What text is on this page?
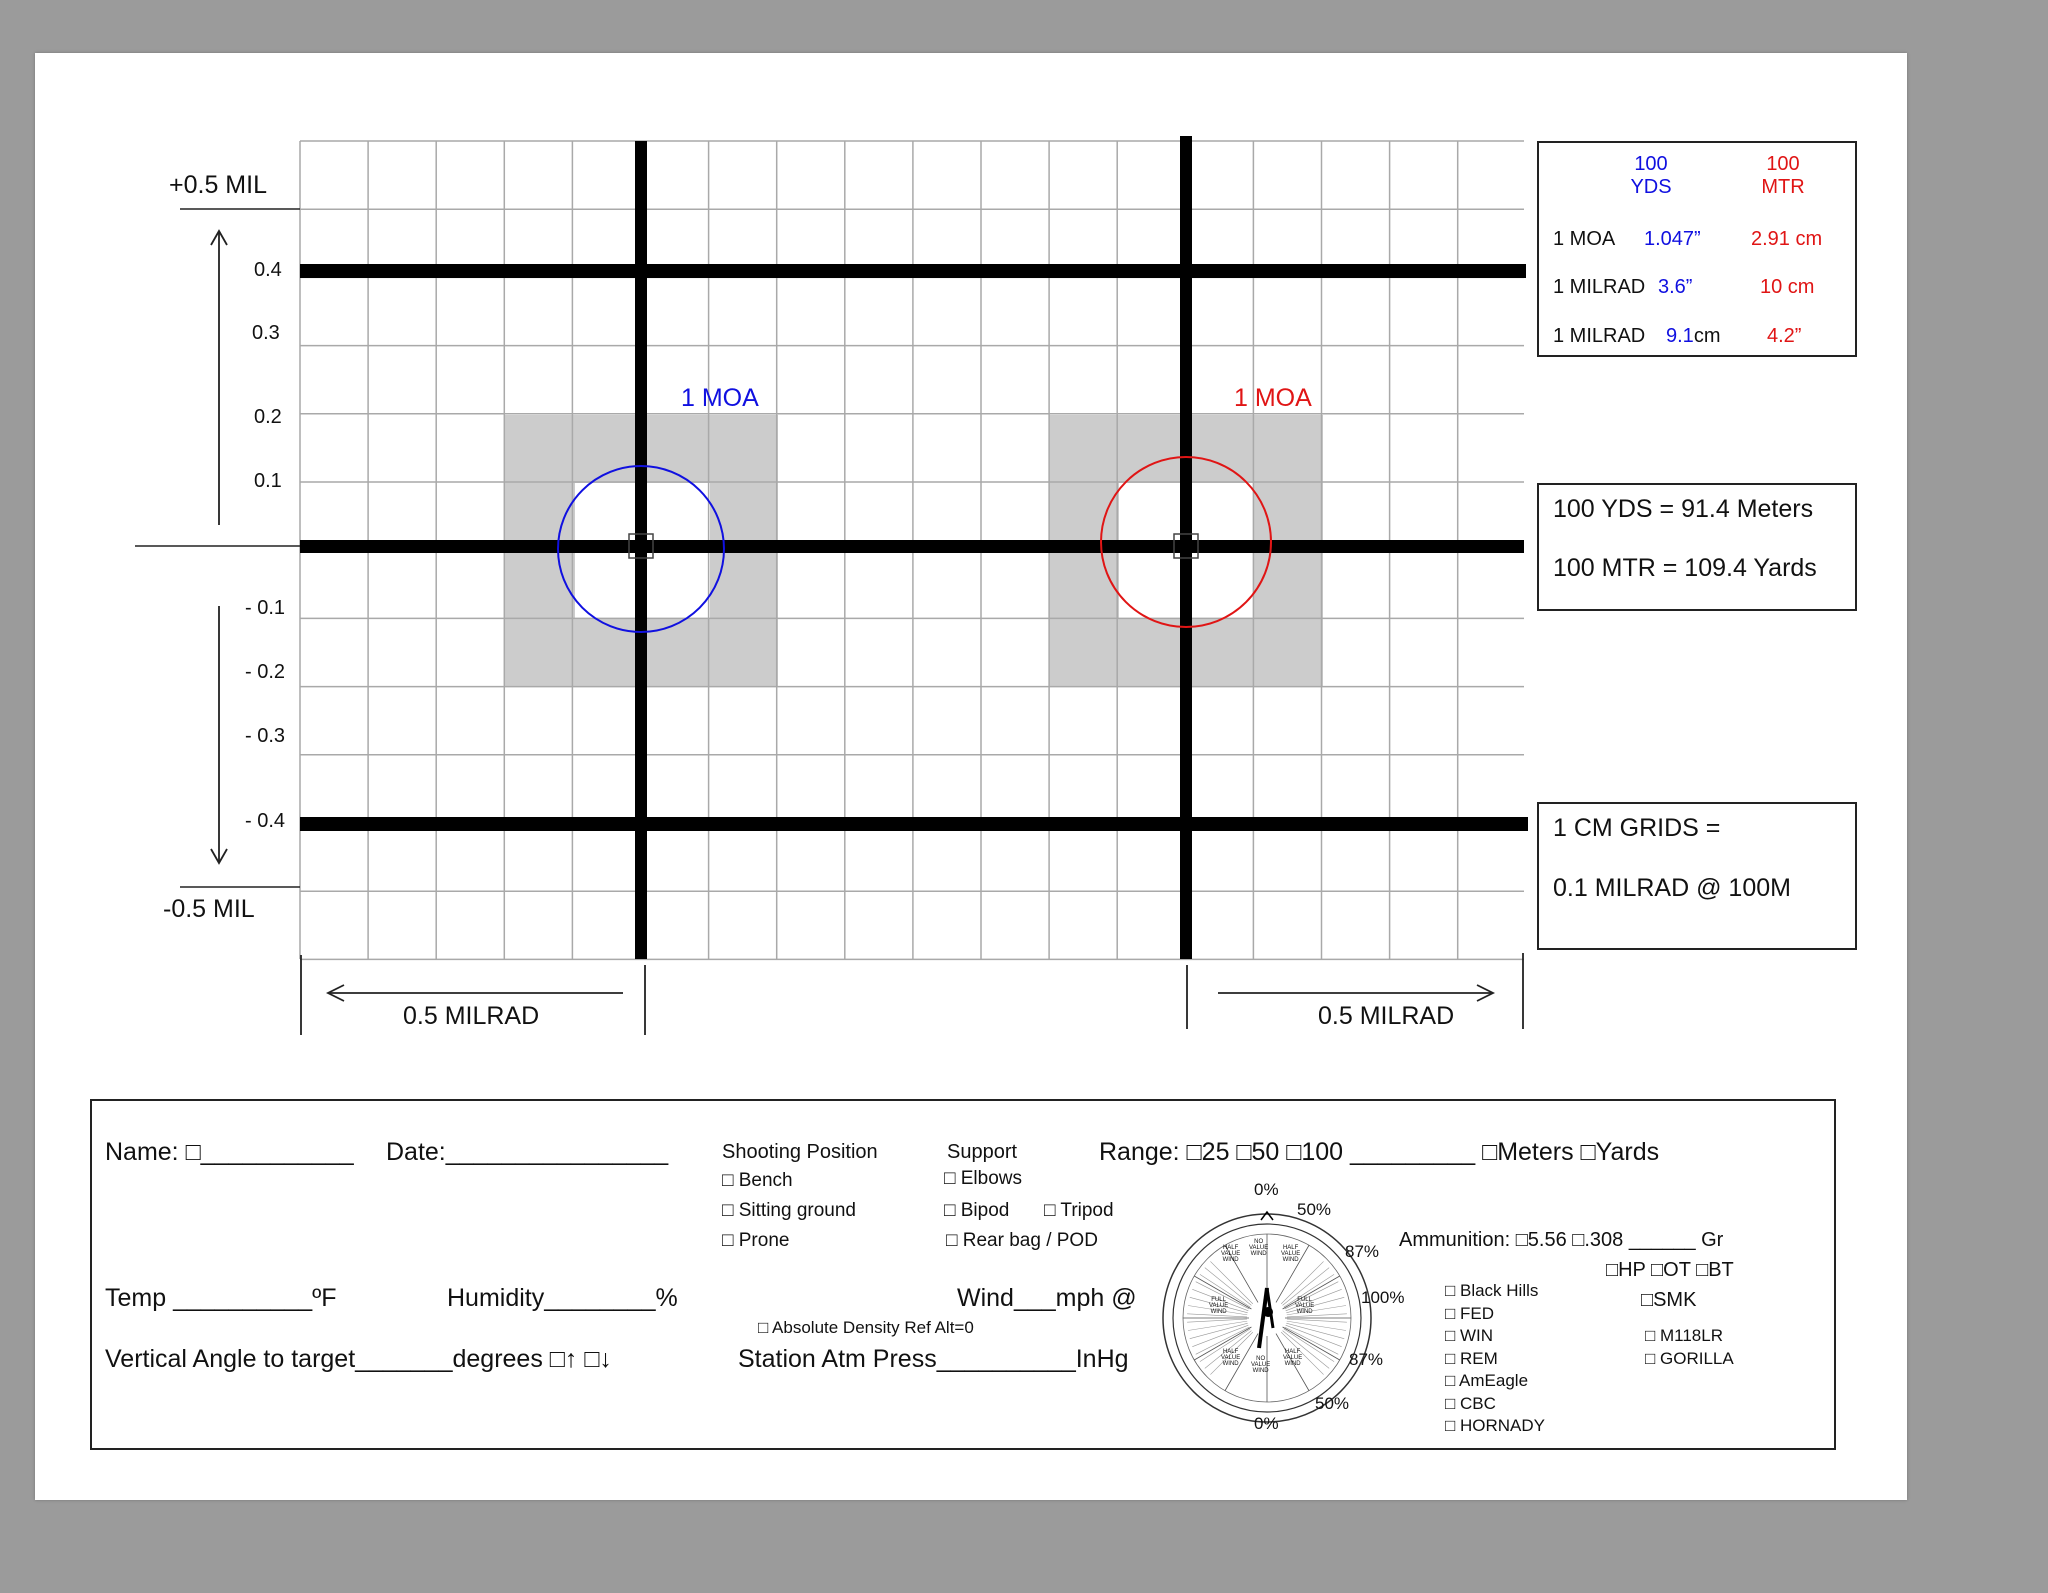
+0.5 MIL
-0.5 MIL
0.4
0.3
0.2
0.1
- 0.1
- 0.2
- 0.3
- 0.4
1 MOA	1 MOA
0.5 MILRAD	0.5 MILRAD
100
YDS
100
MTR
1 MOA 1.047”	2.91 cm
1 MILRAD 3.6”	10 cm
1 MILRAD 9.1cm 4.2”
100 YDS = 91.4 Meters
100 MTR = 109.4 Yards
1 CM GRIDS =
0.1 MILRAD @ 100M
Name: □___________ Date:________________
Temp __________ºF	Humidity________%
Vertical Angle to target_______degrees □↑ □↓
Shooting Position
□ Bench
□ Sitting ground
□ Prone
Support
□ Elbows
□ Bipod □ Tripod
□ Rear bag / POD
Range: □25 □50 □100 _________ □Meters □Yards
Wind___mph @
□ Absolute Density Ref Alt=0
Station Atm Press__________InHg
0%
50%
87%
100%
87%
50%
0%
HALF
VALUE
WIND
NO
VALUE
WIND
HALF
VALUE
WIND
FULL
VALUE
WIND
FULL
VALUE
WIND
HALF
VALUE
WIND
NO
VALUE
WIND
HALF
VALUE
WIND
Ammunition: □5.56 □.308 ______ Gr
□HP □OT □BT
□SMK
□ Black Hills
□ FED
□ WIN
□ REM
□ AmEagle
□ CBC
□ HORNADY
□ M118LR
□ GORILLA
